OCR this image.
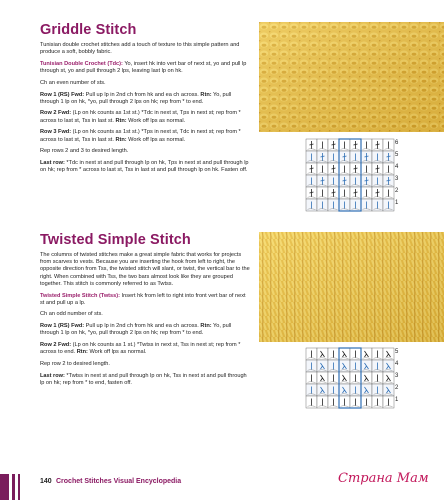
Griddle Stitch

Tunisian double crochet stitches add a touch of texture to this simple pattern and produce a soft, bobbly fabric.

Tunisian Double Crochet (Tdc): Yo, insert hk into vert bar of next st, yo and pull lp through st, yo and pull through 2 lps, leaving last lp on hk.

Ch an even number of sts.

Row 1 (RS) Fwd: Pull up lp in 2nd ch from hk and ea ch across. Rtn: Yo, pull through 1 lp on hk, *yo, pull through 2 lps on hk; rep from * to end.

Row 2 Fwd: (Lp on hk counts as 1st st.) *Tdc in next st, Tps in next st; rep from * across to last st, Tss in last st. Rtn: Work off lps as normal.

Row 3 Fwd: (Lp on hk counts as 1st st.) *Tps in next st, Tdc in next st; rep from * across to last st, Tss in last st. Rtn: Work off lps as normal.

Rep rows 2 and 3 to desired length.

Last row: *Tdc in next st and pull through lp on hk, Tps in next st and pull through lp on hk; rep from * across to last st, Tss in last st and pull through lp on hk. Fasten off.

6
5
4
3
2
1
Twisted Simple Stitch

The columns of twisted stitches make a great simple fabric that works for projects from scarves to vests. Because you are inserting the hook from left to right, the opposite direction from Tss, the twisted stitch will slant, or twist, the vertical bar to the right. When combined with Tss, the two bars almost look like they are grouped together. This stitch is commonly referred to as Twtss.

Twisted Simple Stitch (Twtss): Insert hk from left to right into front vert bar of next st and pull up a lp.

Ch an odd number of sts.

Row 1 (RS) Fwd: Pull up lp in 2nd ch from hk and ea ch across. Rtn: Yo, pull through 1 lp on hk, *yo, pull through 2 lps on hk; rep from * to end.

Row 2 Fwd: (Lp on hk counts as 1 st.) *Twtss in next st, Tss in next st; rep from * across to end. Rtn: Work off lps as normal.

Rep row 2 to desired length.

Last row: *Twtss in next st and pull through lp on hk, Tss in next st and pull through lp on hk; rep from * to end, fasten off.

5
4
3
2
1
140 Crochet Stitches Visual Encyclopedia	Страна Мам
